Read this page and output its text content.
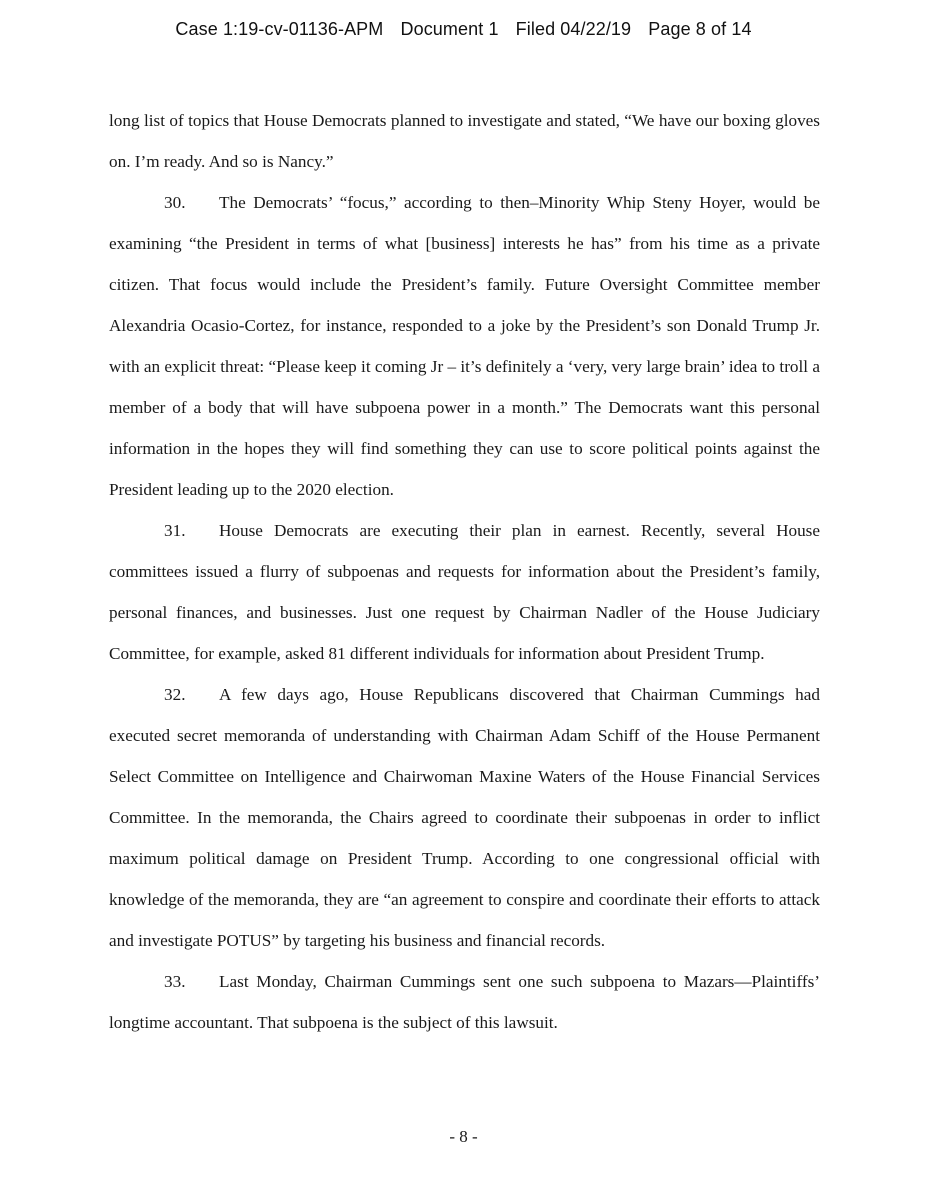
Case 1:19-cv-01136-APM Document 1 Filed 04/22/19 Page 8 of 14

long list of topics that House Democrats planned to investigate and stated, “We have our boxing gloves on. I’m ready. And so is Nancy.”

30. The Democrats’ “focus,” according to then–Minority Whip Steny Hoyer, would be examining “the President in terms of what [business] interests he has” from his time as a private citizen. That focus would include the President’s family. Future Oversight Committee member Alexandria Ocasio-Cortez, for instance, responded to a joke by the President’s son Donald Trump Jr. with an explicit threat: “Please keep it coming Jr – it’s definitely a ‘very, very large brain’ idea to troll a member of a body that will have subpoena power in a month.” The Democrats want this personal information in the hopes they will find something they can use to score political points against the President leading up to the 2020 election.

31. House Democrats are executing their plan in earnest. Recently, several House committees issued a flurry of subpoenas and requests for information about the President’s family, personal finances, and businesses. Just one request by Chairman Nadler of the House Judiciary Committee, for example, asked 81 different individuals for information about President Trump.

32. A few days ago, House Republicans discovered that Chairman Cummings had executed secret memoranda of understanding with Chairman Adam Schiff of the House Permanent Select Committee on Intelligence and Chairwoman Maxine Waters of the House Financial Services Committee. In the memoranda, the Chairs agreed to coordinate their subpoenas in order to inflict maximum political damage on President Trump. According to one congressional official with knowledge of the memoranda, they are “an agreement to conspire and coordinate their efforts to attack and investigate POTUS” by targeting his business and financial records.

33. Last Monday, Chairman Cummings sent one such subpoena to Mazars—Plaintiffs’ longtime accountant. That subpoena is the subject of this lawsuit.

- 8 -
